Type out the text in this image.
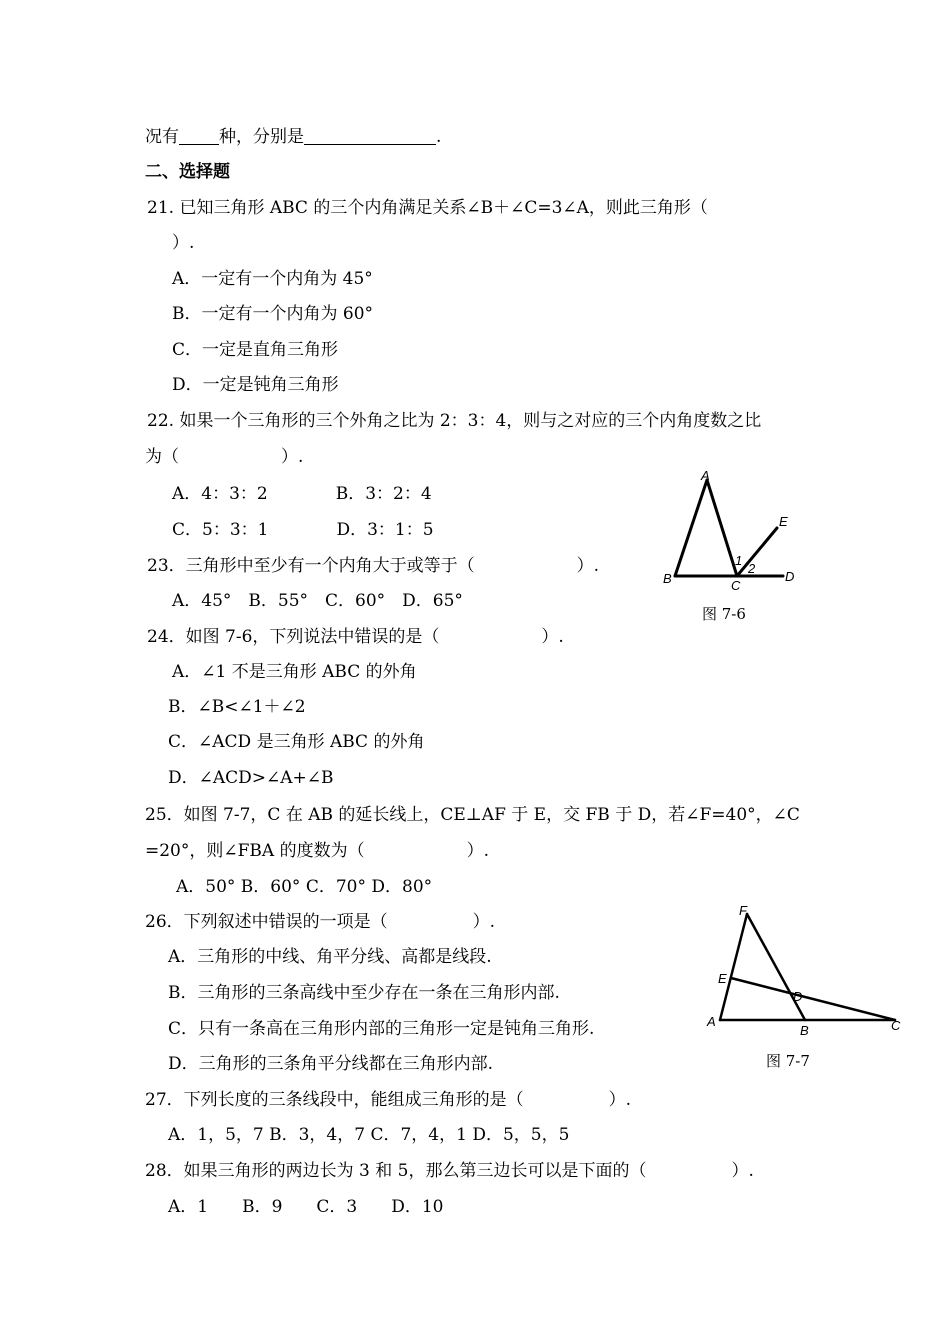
况有 种，分别是	.
二、选择题
21. 已知三角形 ABC 的三个内角满足关系∠B＋∠C=3∠A，则此三角形（
）.
A．一定有一个内角为 45°
B．一定有一个内角为 60°
C．一定是直角三角形
D．一定是钝角三角形
22. 如果一个三角形的三个外角之比为 2：3：4，则与之对应的三个内角度数之比
为（　　　　　　）.
A．4：3：2　　　　B．3：2：4
C．5：3：1　　　　D．3：1：5
23．三角形中至少有一个内角大于或等于（　　　　　　）.
A．45°　B．55°　C．60°　D．65°
24．如图 7-6，下列说法中错误的是（　　　　　　）.
A．∠1 不是三角形 ABC 的外角
B．∠B<∠1＋∠2
C．∠ACD 是三角形 ABC 的外角
D．∠ACD>∠A+∠B
25．如图 7-7，C 在 AB 的延长线上，CE⊥AF 于 E，交 FB 于 D，若∠F=40°，∠C
=20°，则∠FBA 的度数为（　　　　　　）.
A．50° B．60° C．70° D．80°
26．下列叙述中错误的一项是（　　　　　）.
A．三角形的中线、角平分线、高都是线段.
B．三角形的三条高线中至少存在一条在三角形内部.
C．只有一条高在三角形内部的三角形一定是钝角三角形.
D．三角形的三条角平分线都在三角形内部.
27．下列长度的三条线段中，能组成三角形的是（　　　　　）.
A．1，5，7 B．3，4，7 C．7，4，1 D．5，5，5
28．如果三角形的两边长为 3 和 5，那么第三边长可以是下面的（　　　　　）.
A．1　　B．9　　C．3　　D．10
A
B	C
D
E
1
2
图 7-6
F
E
A
B	C
D
图 7-7
